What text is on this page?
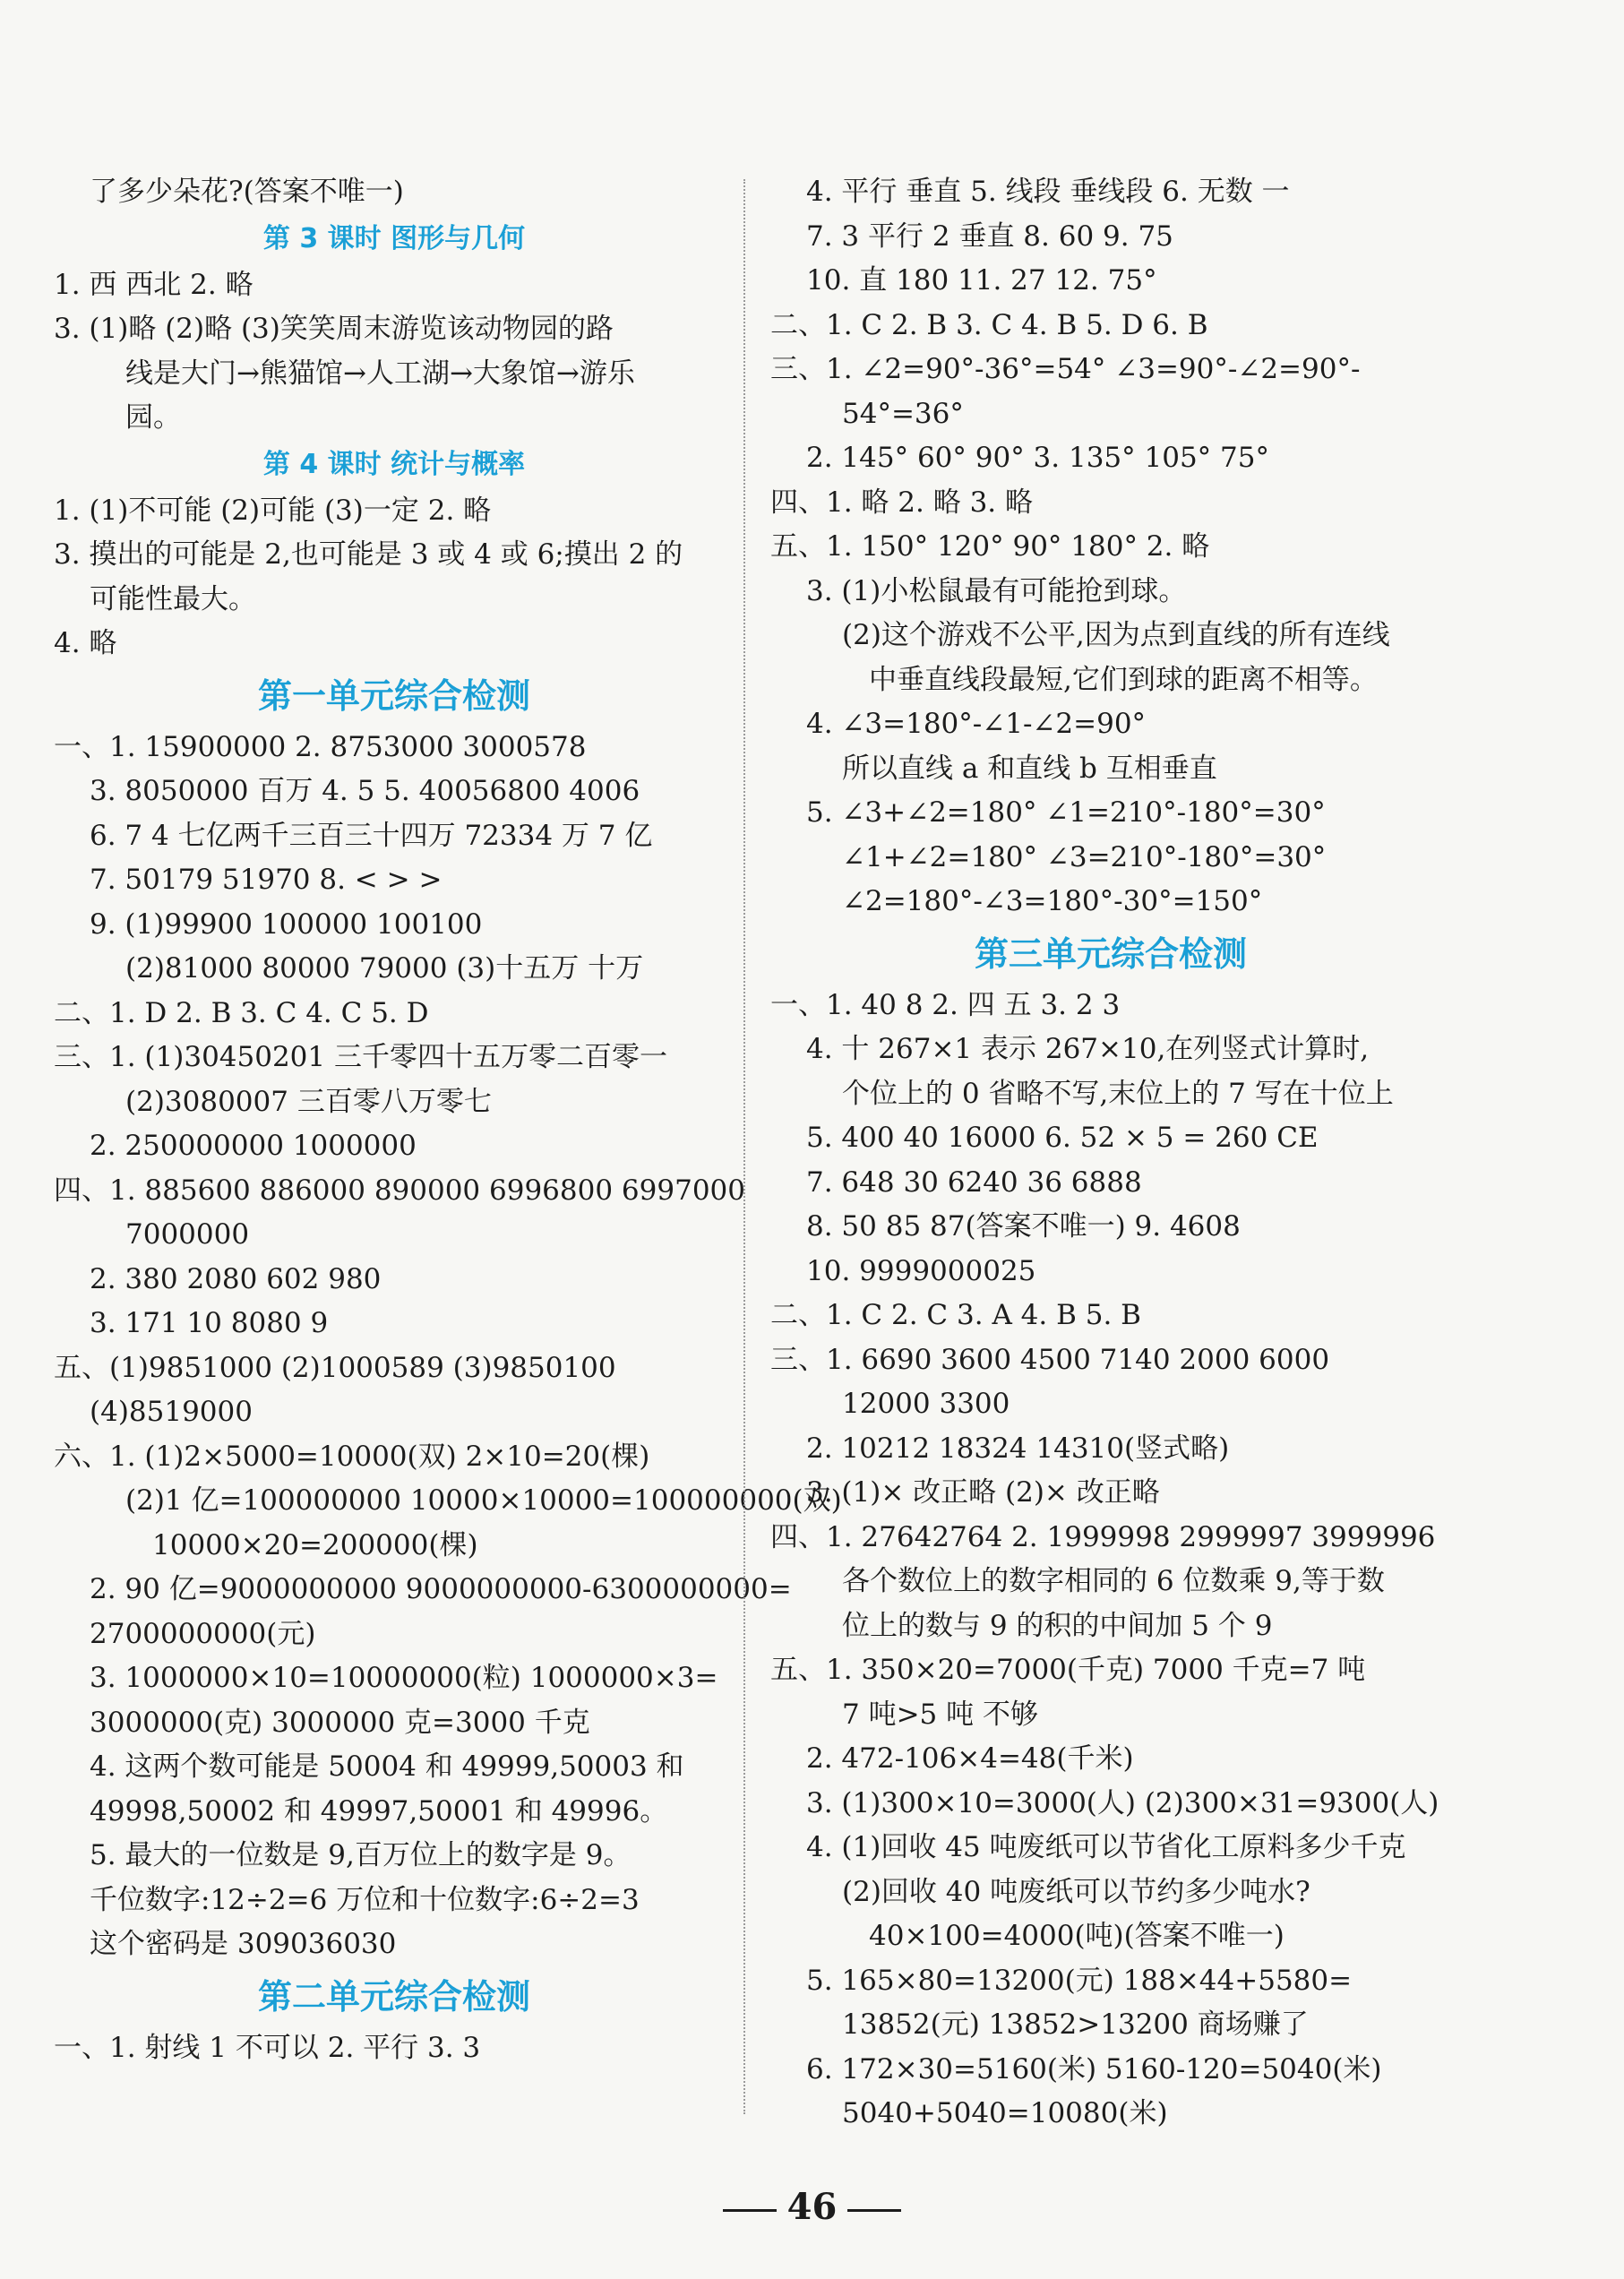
了多少朵花?(答案不唯一)
第 3 课时 图形与几何
1. 西 西北 2. 略
3. (1)略 (2)略 (3)笑笑周末游览该动物园的路
线是大门→熊猫馆→人工湖→大象馆→游乐
园。
第 4 课时 统计与概率
1. (1)不可能 (2)可能 (3)一定 2. 略
3. 摸出的可能是 2,也可能是 3 或 4 或 6;摸出 2 的
可能性最大。
4. 略
第一单元综合检测
一、1. 15900000 2. 8753000 3000578
3. 8050000 百万 4. 5 5. 40056800 4006
6. 7 4 七亿两千三百三十四万 72334 万 7 亿
7. 50179 51970 8. < > >
9. (1)99900 100000 100100
(2)81000 80000 79000 (3)十五万 十万
二、1. D 2. B 3. C 4. C 5. D
三、1. (1)30450201 三千零四十五万零二百零一
(2)3080007 三百零八万零七
2. 250000000 1000000
四、1. 885600 886000 890000 6996800 6997000
7000000
2. 380 2080 602 980
3. 171 10 8080 9
五、(1)9851000 (2)1000589 (3)9850100
(4)8519000
六、1. (1)2×5000=10000(双) 2×10=20(棵)
(2)1 亿=100000000 10000×10000=100000000(双)
10000×20=200000(棵)
2. 90 亿=9000000000 9000000000-6300000000=
2700000000(元)
3. 1000000×10=10000000(粒) 1000000×3=
3000000(克) 3000000 克=3000 千克
4. 这两个数可能是 50004 和 49999,50003 和
49998,50002 和 49997,50001 和 49996。
5. 最大的一位数是 9,百万位上的数字是 9。
千位数字:12÷2=6 万位和十位数字:6÷2=3
这个密码是 309036030
第二单元综合检测
一、1. 射线 1 不可以 2. 平行 3. 3
4. 平行 垂直 5. 线段 垂线段 6. 无数 一
7. 3 平行 2 垂直 8. 60 9. 75
10. 直 180 11. 27 12. 75°
二、1. C 2. B 3. C 4. B 5. D 6. B
三、1. ∠2=90°-36°=54° ∠3=90°-∠2=90°-
54°=36°
2. 145° 60° 90° 3. 135° 105° 75°
四、1. 略 2. 略 3. 略
五、1. 150° 120° 90° 180° 2. 略
3. (1)小松鼠最有可能抢到球。
(2)这个游戏不公平,因为点到直线的所有连线
中垂直线段最短,它们到球的距离不相等。
4. ∠3=180°-∠1-∠2=90°
所以直线 a 和直线 b 互相垂直
5. ∠3+∠2=180° ∠1=210°-180°=30°
∠1+∠2=180° ∠3=210°-180°=30°
∠2=180°-∠3=180°-30°=150°
第三单元综合检测
一、1. 40 8 2. 四 五 3. 2 3
4. 十 267×1 表示 267×10,在列竖式计算时,
个位上的 0 省略不写,末位上的 7 写在十位上
5. 400 40 16000 6. 52 × 5 = 260 CE
7. 648 30 6240 36 6888
8. 50 85 87(答案不唯一) 9. 4608
10. 9999000025
二、1. C 2. C 3. A 4. B 5. B
三、1. 6690 3600 4500 7140 2000 6000
12000 3300
2. 10212 18324 14310(竖式略)
3. (1)× 改正略 (2)× 改正略
四、1. 27642764 2. 1999998 2999997 3999996
各个数位上的数字相同的 6 位数乘 9,等于数
位上的数与 9 的积的中间加 5 个 9
五、1. 350×20=7000(千克) 7000 千克=7 吨
7 吨>5 吨 不够
2. 472-106×4=48(千米)
3. (1)300×10=3000(人) (2)300×31=9300(人)
4. (1)回收 45 吨废纸可以节省化工原料多少千克
(2)回收 40 吨废纸可以节约多少吨水?
40×100=4000(吨)(答案不唯一)
5. 165×80=13200(元) 188×44+5580=
13852(元) 13852>13200 商场赚了
6. 172×30=5160(米) 5160-120=5040(米)
5040+5040=10080(米)
46
